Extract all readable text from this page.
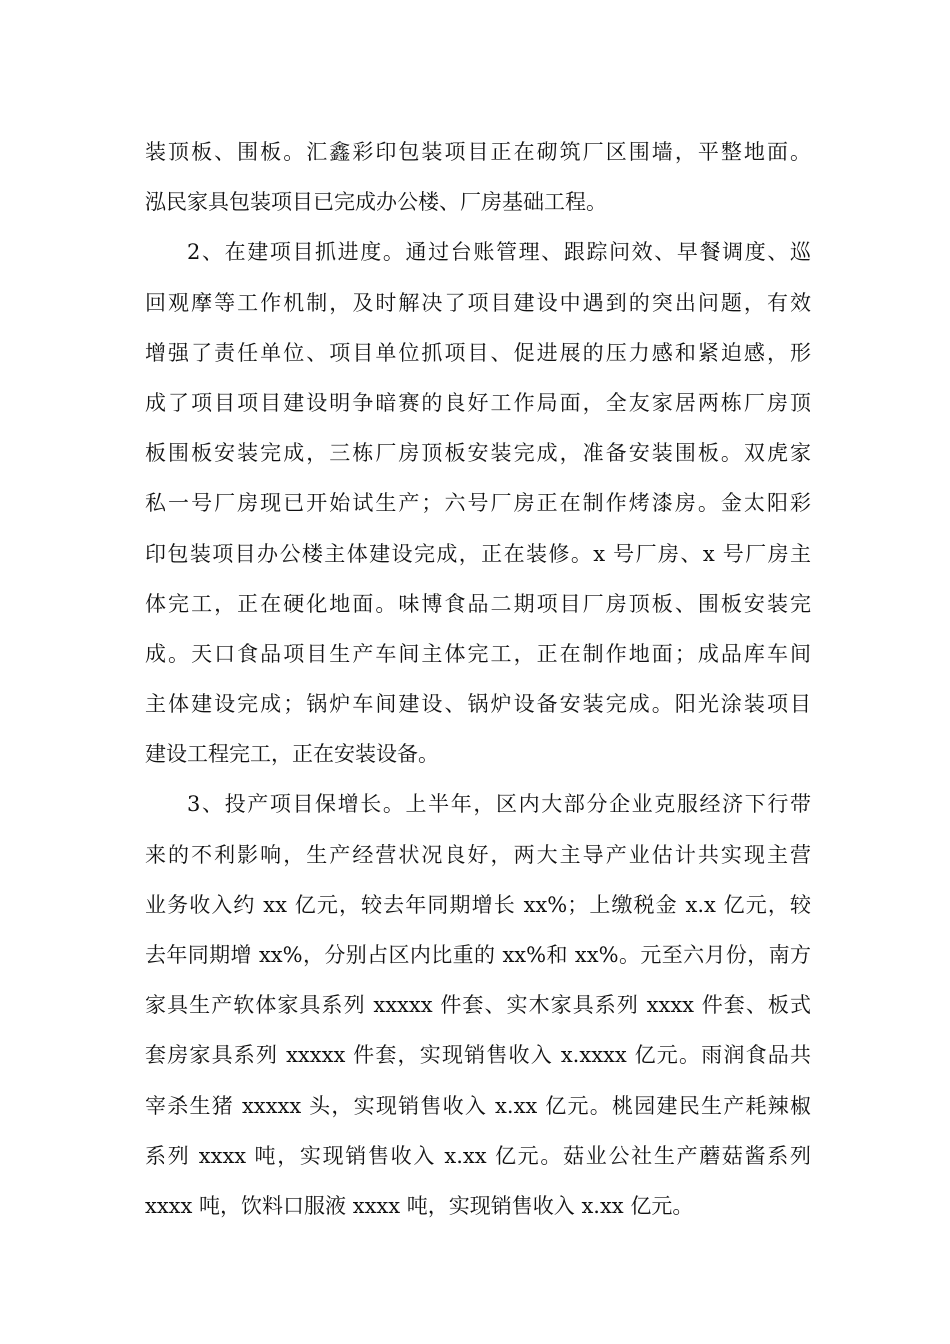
装顶板、围板。汇鑫彩印包装项目正在砌筑厂区围墙，平整地面。
泓民家具包装项目已完成办公楼、厂房基础工程。
2、在建项目抓进度。通过台账管理、跟踪问效、早餐调度、巡
回观摩等工作机制，及时解决了项目建设中遇到的突出问题，有效
增强了责任单位、项目单位抓项目、促进展的压力感和紧迫感，形
成了项目项目建设明争暗赛的良好工作局面，全友家居两栋厂房顶
板围板安装完成，三栋厂房顶板安装完成，准备安装围板。双虎家
私一号厂房现已开始试生产；六号厂房正在制作烤漆房。金太阳彩
印包装项目办公楼主体建设完成，正在装修。x 号厂房、x 号厂房主
体完工，正在硬化地面。味博食品二期项目厂房顶板、围板安装完
成。天口食品项目生产车间主体完工，正在制作地面；成品库车间
主体建设完成；锅炉车间建设、锅炉设备安装完成。阳光涂装项目
建设工程完工，正在安装设备。
3、投产项目保增长。上半年，区内大部分企业克服经济下行带
来的不利影响，生产经营状况良好，两大主导产业估计共实现主营
业务收入约 xx 亿元，较去年同期增长 xx%；上缴税金 x.x 亿元，较
去年同期增 xx%，分别占区内比重的 xx%和 xx%。元至六月份，南方
家具生产软体家具系列 xxxxx 件套、实木家具系列 xxxx 件套、板式
套房家具系列 xxxxx 件套，实现销售收入 x.xxxx 亿元。雨润食品共
宰杀生猪 xxxxx 头，实现销售收入 x.xx 亿元。桃园建民生产耗辣椒
系列 xxxx 吨，实现销售收入 x.xx 亿元。菇业公社生产蘑菇酱系列
xxxx 吨，饮料口服液 xxxx 吨，实现销售收入 x.xx 亿元。
